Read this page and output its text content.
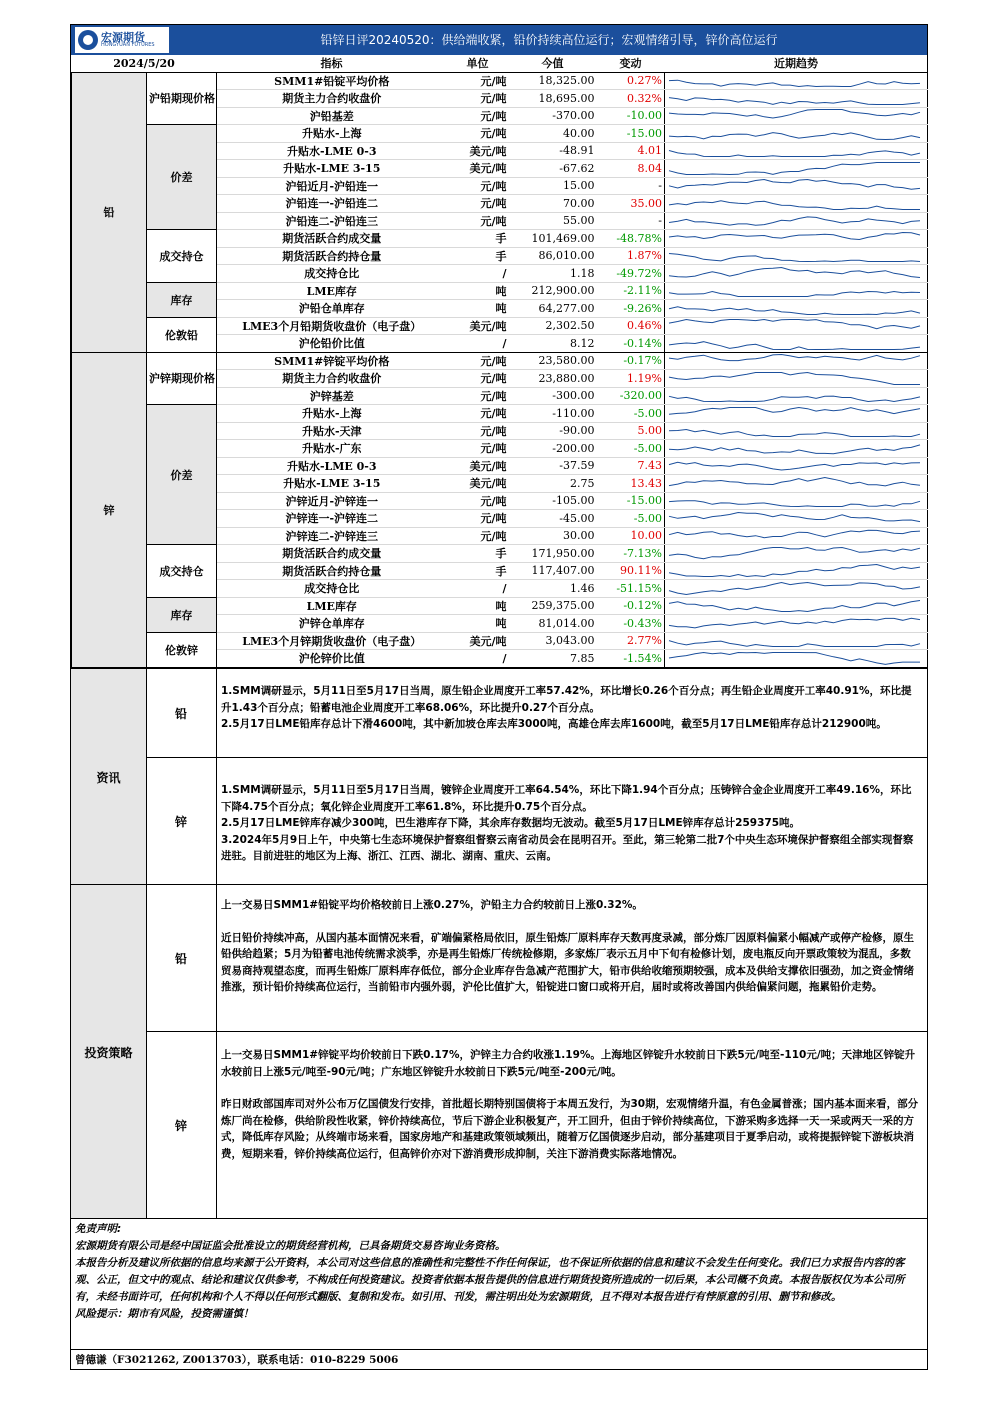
宏源期货
HONGYUAN FUTURES	铅锌日评20240520：供给端收紧，铅价持续高位运行；宏观情绪引导，锌价高位运行
2024/5/20		指标	单位	今值	变动	近期趋势
铅	沪铅期现价格	SMM1#铅锭平均价格	元/吨	18,325.00	0.27%	

		期货主力合约收盘价	元/吨	18,695.00	0.32%	

		沪铅基差	元/吨	-370.00	-10.00	

	价差	升贴水-上海	元/吨	40.00	-15.00	

		升贴水-LME 0-3	美元/吨	-48.91	4.01	

		升贴水-LME 3-15	美元/吨	-67.62	8.04	

		沪铅近月-沪铅连一	元/吨	15.00	-	

		沪铅连一-沪铅连二	元/吨	70.00	35.00	

		沪铅连二-沪铅连三	元/吨	55.00	-	

	成交持仓	期货活跃合约成交量	手	101,469.00	-48.78%	

		期货活跃合约持仓量	手	86,010.00	1.87%	

		成交持仓比	/	1.18	-49.72%	

	库存	LME库存	吨	212,900.00	-2.11%	

		沪铅仓单库存	吨	64,277.00	-9.26%	

	伦敦铅	LME3个月铅期货收盘价（电子盘）	美元/吨	2,302.50	0.46%	

		沪伦铅价比值	/	8.12	-0.14%	

锌	沪锌期现价格	SMM1#锌锭平均价格	元/吨	23,580.00	-0.17%	

		期货主力合约收盘价	元/吨	23,880.00	1.19%	

		沪锌基差	元/吨	-300.00	-320.00	

	价差	升贴水-上海	元/吨	-110.00	-5.00	

		升贴水-天津	元/吨	-90.00	5.00	

		升贴水-广东	元/吨	-200.00	-5.00	

		升贴水-LME 0-3	美元/吨	-37.59	7.43	

		升贴水-LME 3-15	美元/吨	2.75	13.43	

		沪锌近月-沪锌连一	元/吨	-105.00	-15.00	

		沪锌连一-沪锌连二	元/吨	-45.00	-5.00	

		沪锌连二-沪锌连三	元/吨	30.00	10.00	

	成交持仓	期货活跃合约成交量	手	171,950.00	-7.13%	

		期货活跃合约持仓量	手	117,407.00	90.11%	

		成交持仓比	/	1.46	-51.15%	

	库存	LME库存	吨	259,375.00	-0.12%	

		沪锌仓单库存	吨	81,014.00	-0.43%	

	伦敦锌	LME3个月锌期货收盘价（电子盘）	美元/吨	3,043.00	2.77%	

		沪伦锌价比值	/	7.85	-1.54%	
资讯
铅

1.SMM调研显示，5月11日至5月17日当周，原生铅企业周度开工率57.42%，环比增长0.26个百分点；再生铅企业周度开工率40.91%，环比提升1.43个百分点；铅蓄电池企业周度开工率68.06%，环比提升0.27个百分点。

2.5月17日LME铅库存总计下滑4600吨，其中新加坡仓库去库3000吨，高雄仓库去库1600吨，截至5月17日LME铅库存总计212900吨。

锌

1.SMM调研显示，5月11日至5月17日当周，镀锌企业周度开工率64.54%，环比下降1.94个百分点；压铸锌合金企业周度开工率49.16%，环比下降4.75个百分点；氧化锌企业周度开工率61.8%，环比提升0.75个百分点。

2.5月17日LME锌库存减少300吨，巴生港库存下降，其余库存数据均无波动。截至5月17日LME锌库存总计259375吨。

3.2024年5月9日上午，中央第七生态环境保护督察组督察云南省动员会在昆明召开。至此，第三轮第二批7个中央生态环境保护督察组全部实现督察进驻。目前进驻的地区为上海、浙江、江西、湖北、湖南、重庆、云南。

投资策略
铅

上一交易日SMM1#铅锭平均价格较前日上涨0.27%，沪铅主力合约较前日上涨0.32%。

近日铅价持续冲高，从国内基本面情况来看，矿端偏紧格局依旧，原生铅炼厂原料库存天数再度录减，部分炼厂因原料偏紧小幅减产或停产检修，原生铅供给趋紧；5月为铅蓄电池传统需求淡季，亦是再生铅炼厂传统检修期，多家炼厂表示五月中下旬有检修计划，废电瓶反向开票政策较为混乱，多数贸易商持观望态度，而再生铅炼厂原料库存低位，部分企业库存告急减产范围扩大，铅市供给收缩预期较强，成本及供给支撑依旧强劲，加之资金情绪推涨，预计铅价持续高位运行，当前铅市内强外弱，沪伦比值扩大，铅锭进口窗口或将开启，届时或将改善国内供给偏紧问题，拖累铅价走势。

锌

上一交易日SMM1#锌锭平均价较前日下跌0.17%，沪锌主力合约收涨1.19%。上海地区锌锭升水较前日下跌5元/吨至-110元/吨；天津地区锌锭升水较前日上涨5元/吨至-90元/吨；广东地区锌锭升水较前日下跌5元/吨至-200元/吨。

昨日财政部国库司对外公布万亿国债发行安排，首批超长期特别国债将于本周五发行，为30期，宏观情绪升温，有色金属普涨；国内基本面来看，部分炼厂尚在检修，供给阶段性收紧，锌价持续高位，节后下游企业积极复产，开工回升，但由于锌价持续高位，下游采购多选择一天一采或两天一采的方式，降低库存风险；从终端市场来看，国家房地产和基建政策领域频出，随着万亿国债逐步启动，部分基建项目于夏季启动，或将提振锌锭下游板块消费，短期来看，锌价持续高位运行，但高锌价亦对下游消费形成抑制，关注下游消费实际落地情况。

免责声明:

宏源期货有限公司是经中国证监会批准设立的期货经营机构，已具备期货交易咨询业务资格。

本报告分析及建议所依据的信息均来源于公开资料，本公司对这些信息的准确性和完整性不作任何保证，也不保证所依据的信息和建议不会发生任何变化。我们已力求报告内容的客观、公正，但文中的观点、结论和建议仅供参考，不构成任何投资建议。投资者依据本报告提供的信息进行期货投资所造成的一切后果，本公司概不负责。本报告版权仅为本公司所有，未经书面许可，任何机构和个人不得以任何形式翻版、复制和发布。如引用、刊发，需注明出处为宏源期货，且不得对本报告进行有悖原意的引用、删节和修改。

风险提示：期市有风险，投资需谨慎！

曾德谦（F3021262, Z0013703），联系电话：010-8229 5006
